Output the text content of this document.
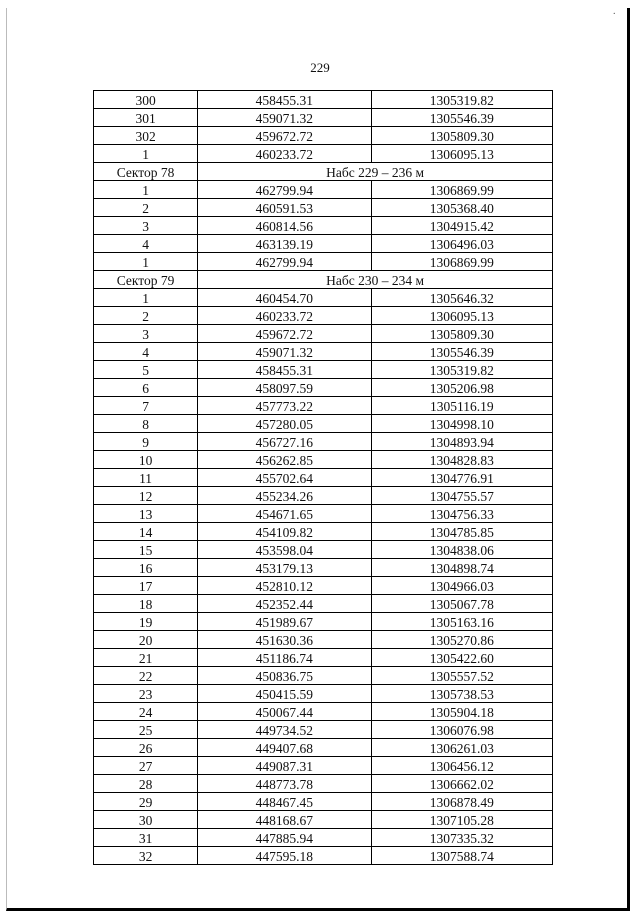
.
229
300	458455.31	1305319.82
301	459071.32	1305546.39
302	459672.72	1305809.30
1	460233.72	1306095.13
Сектор 78	Набс 229 – 236 м	
1	462799.94	1306869.99
2	460591.53	1305368.40
3	460814.56	1304915.42
4	463139.19	1306496.03
1	462799.94	1306869.99
Сектор 79	Набс 230 – 234 м	
1	460454.70	1305646.32
2	460233.72	1306095.13
3	459672.72	1305809.30
4	459071.32	1305546.39
5	458455.31	1305319.82
6	458097.59	1305206.98
7	457773.22	1305116.19
8	457280.05	1304998.10
9	456727.16	1304893.94
10	456262.85	1304828.83
11	455702.64	1304776.91
12	455234.26	1304755.57
13	454671.65	1304756.33
14	454109.82	1304785.85
15	453598.04	1304838.06
16	453179.13	1304898.74
17	452810.12	1304966.03
18	452352.44	1305067.78
19	451989.67	1305163.16
20	451630.36	1305270.86
21	451186.74	1305422.60
22	450836.75	1305557.52
23	450415.59	1305738.53
24	450067.44	1305904.18
25	449734.52	1306076.98
26	449407.68	1306261.03
27	449087.31	1306456.12
28	448773.78	1306662.02
29	448467.45	1306878.49
30	448168.67	1307105.28
31	447885.94	1307335.32
32	447595.18	1307588.74
